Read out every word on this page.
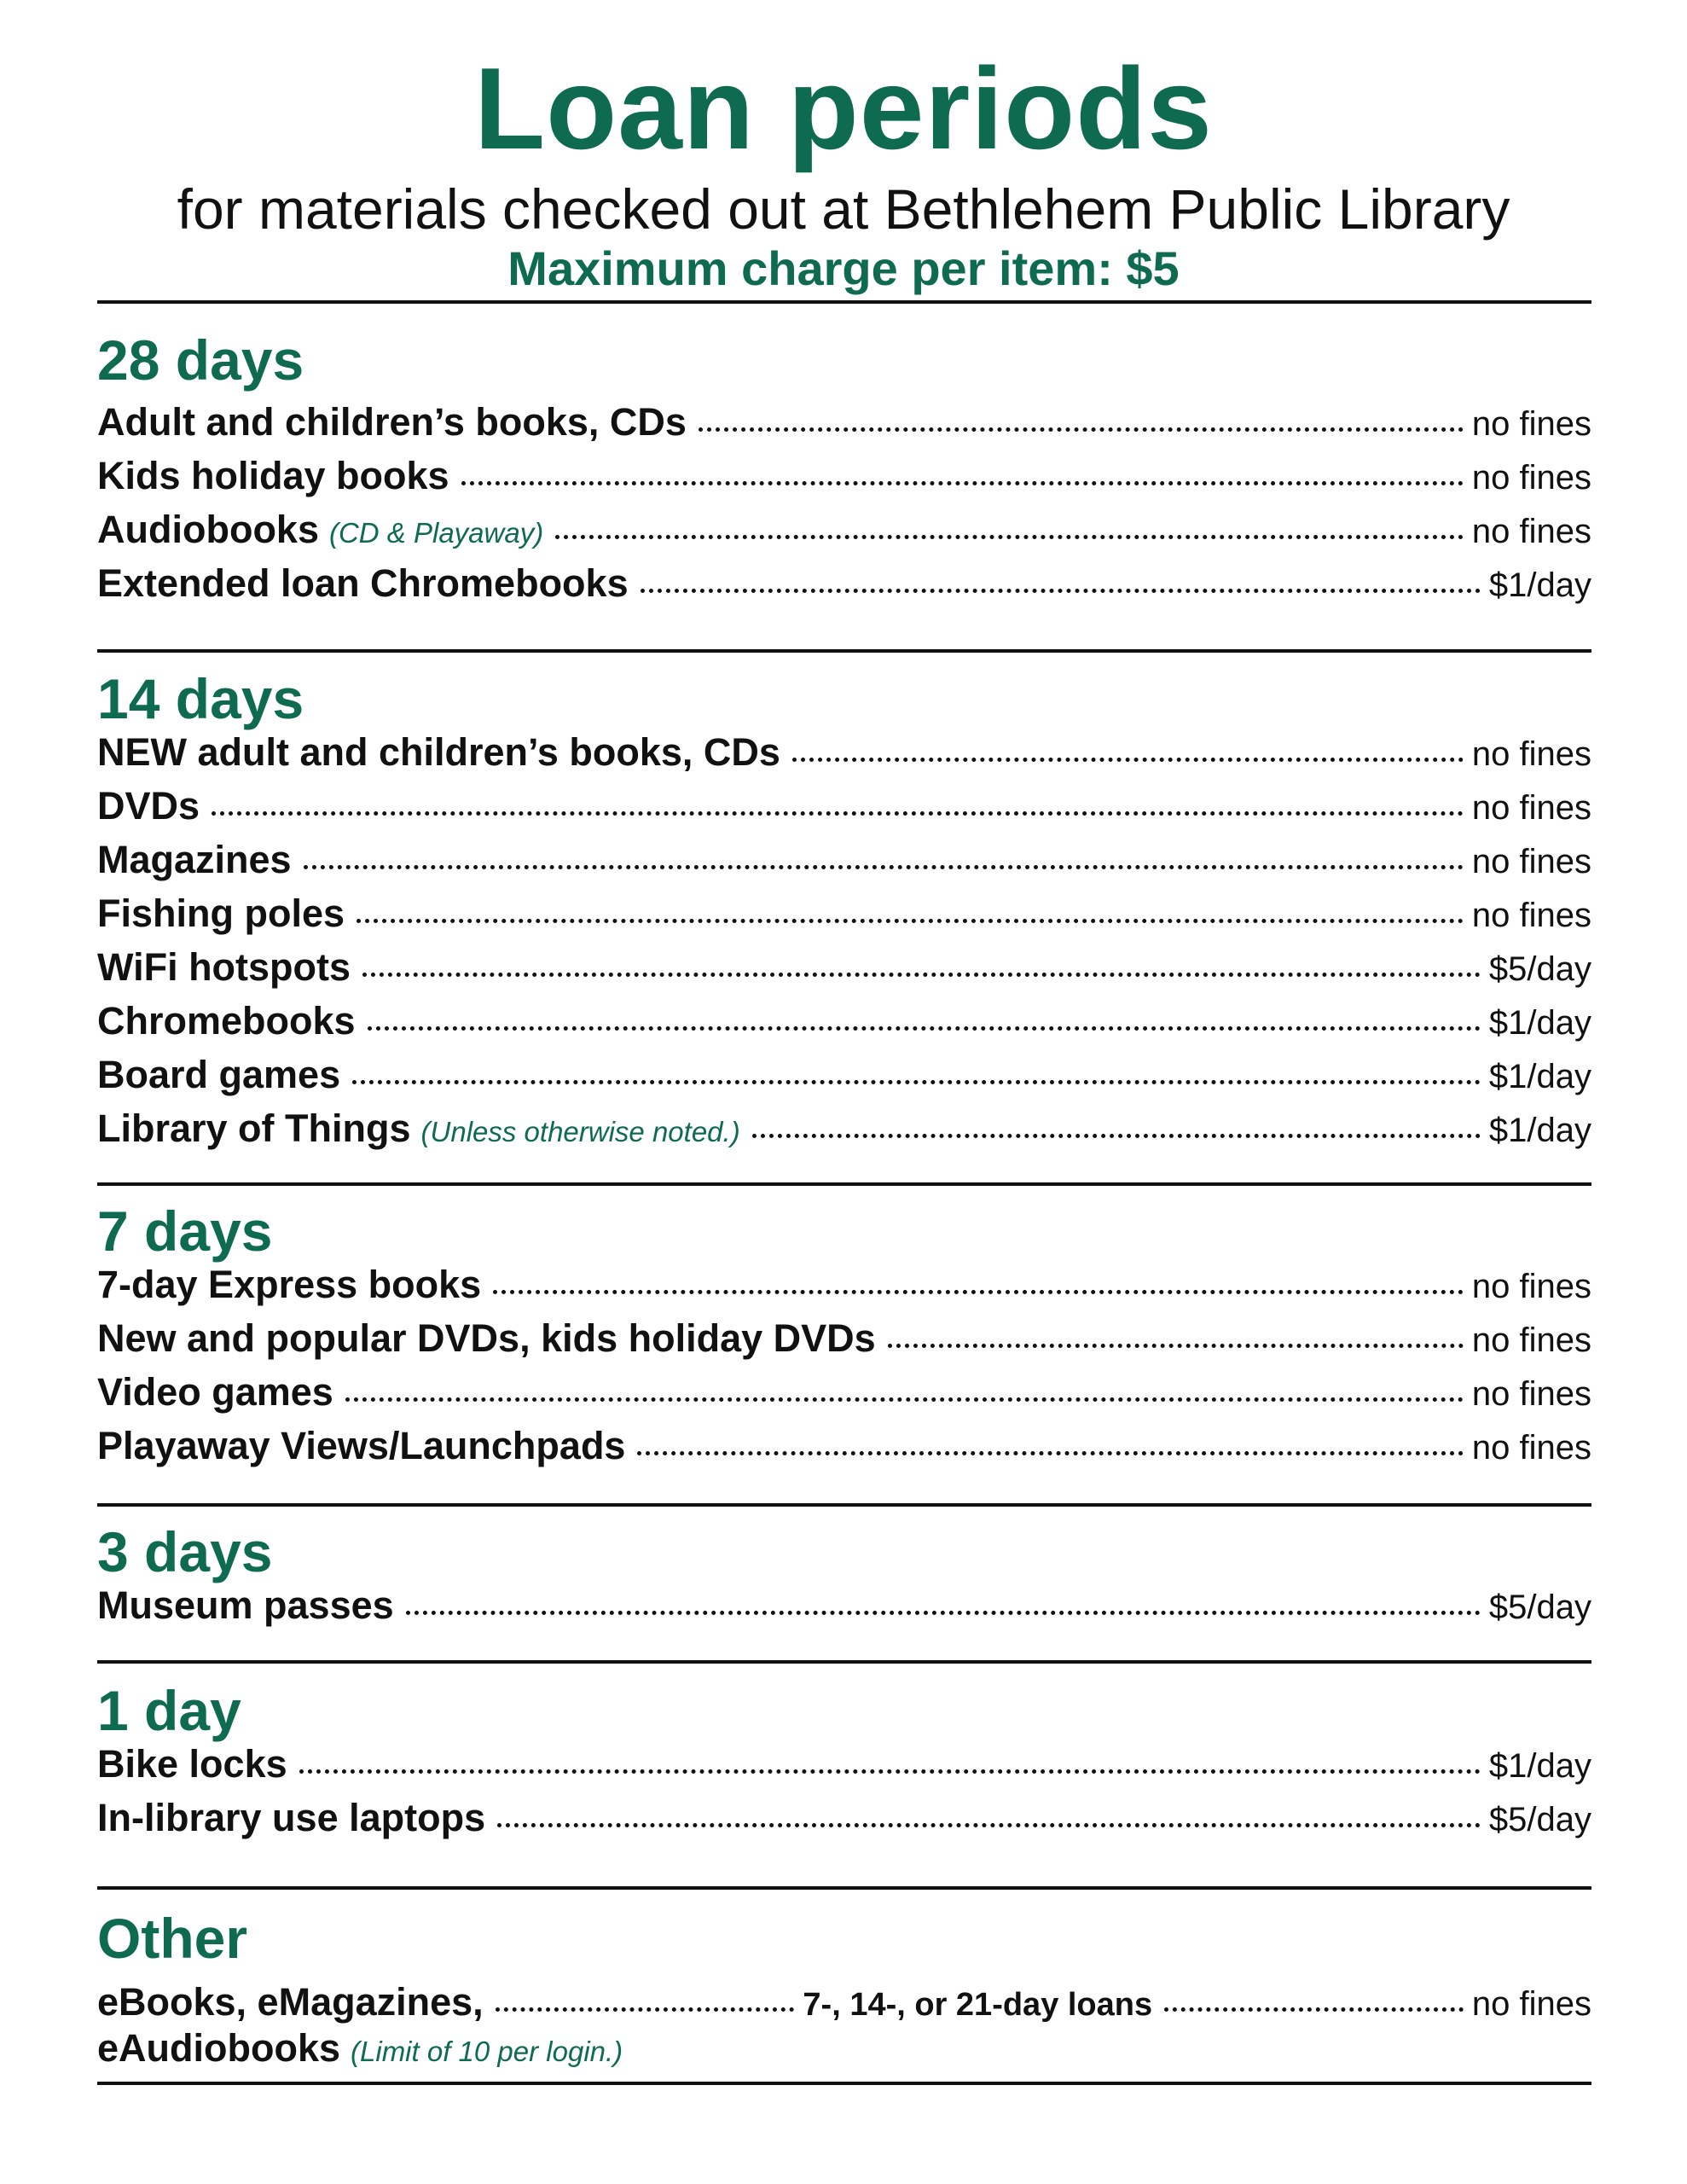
Loan periods
for materials checked out at Bethlehem Public Library
Maximum charge per item: $5
28 days
Adult and children’s books, CDs	no fines
Kids holiday books	no fines
Audiobooks (CD & Playaway)	no fines
Extended loan Chromebooks	$1/day
14 days
NEW adult and children’s books, CDs	no fines
DVDs	no fines
Magazines	no fines
Fishing poles	no fines
WiFi hotspots	$5/day
Chromebooks	$1/day
Board games	$1/day
Library of Things (Unless otherwise noted.)	$1/day
7 days
7-day Express books	no fines
New and popular DVDs, kids holiday DVDs	no fines
Video games	no fines
Playaway Views/Launchpads	no fines
3 days
Museum passes	$5/day
1 day
Bike locks	$1/day
In-library use laptops	$5/day
Other
eBooks, eMagazines,	7-, 14-, or 21-day loans	no fines
eAudiobooks (Limit of 10 per login.)
